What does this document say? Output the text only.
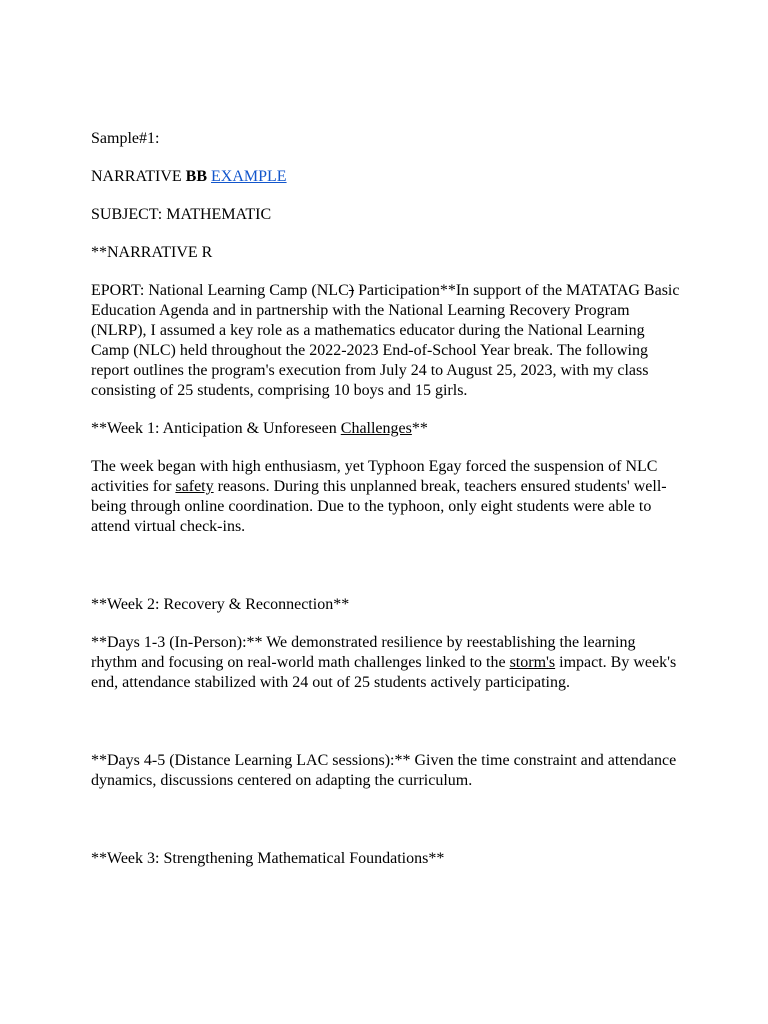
Sample#1:

NARRATIVE BB EXAMPLE

SUBJECT: MATHEMATIC

**NARRATIVE R

EPORT: National Learning Camp (NLC) Participation**In support of the MATATAG Basic Education Agenda and in partnership with the National Learning Recovery Program (NLRP), I assumed a key role as a mathematics educator during the National Learning Camp (NLC) held throughout the 2022-2023 End-of-School Year break. The following report outlines the program's execution from July 24 to August 25, 2023, with my class consisting of 25 students, comprising 10 boys and 15 girls.

**Week 1: Anticipation & Unforeseen Challenges**

The week began with high enthusiasm, yet Typhoon Egay forced the suspension of NLC activities for safety reasons. During this unplanned break, teachers ensured students' well-being through online coordination. Due to the typhoon, only eight students were able to attend virtual check-ins.

**Week 2: Recovery & Reconnection**

**Days 1-3 (In-Person):** We demonstrated resilience by reestablishing the learning rhythm and focusing on real-world math challenges linked to the storm's impact. By week's end, attendance stabilized with 24 out of 25 students actively participating.

**Days 4-5 (Distance Learning LAC sessions):** Given the time constraint and attendance dynamics, discussions centered on adapting the curriculum.

**Week 3: Strengthening Mathematical Foundations**
